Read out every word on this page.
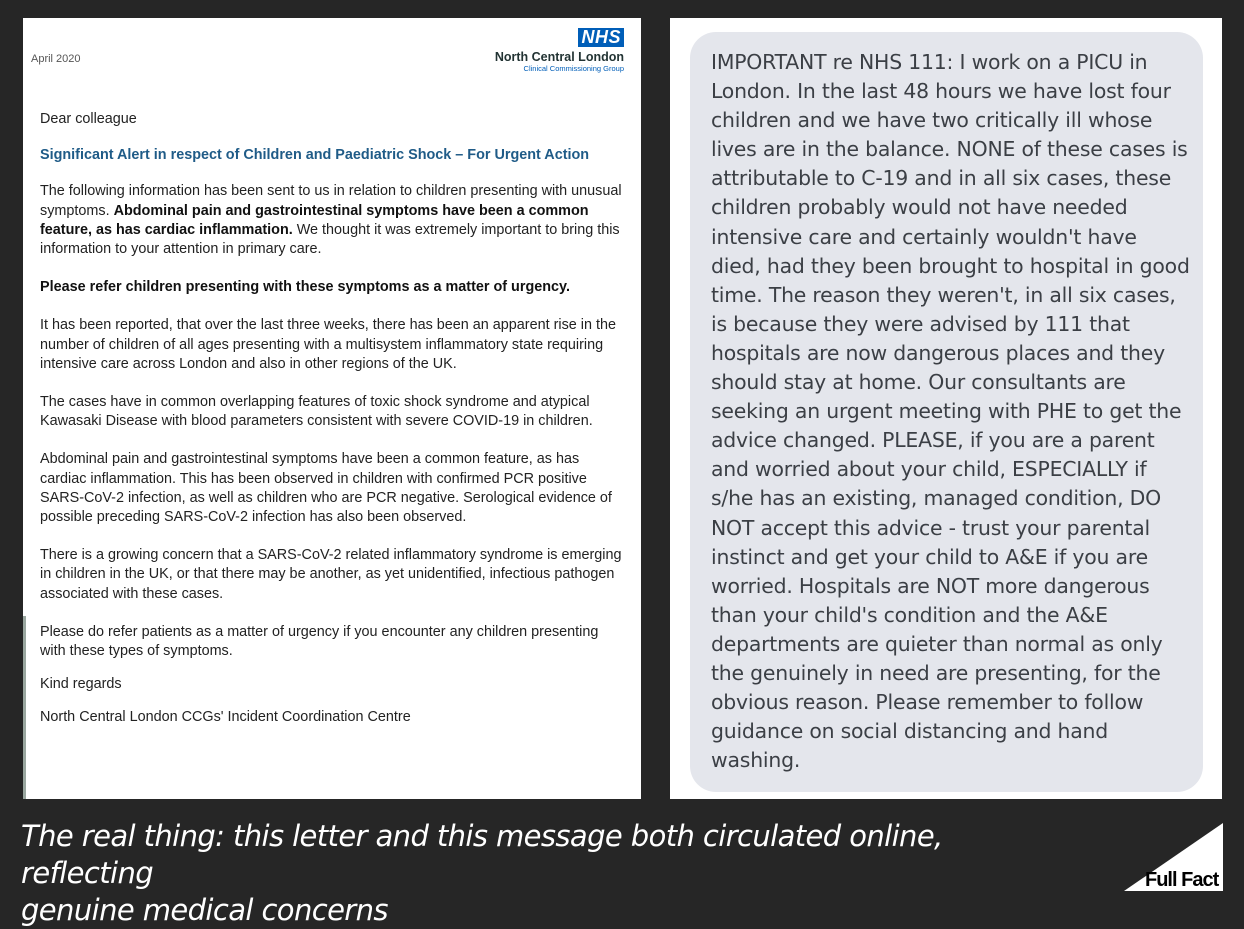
April 2020
NHS
North Central London
Clinical Commissioning Group

Dear colleague

Significant Alert in respect of Children and Paediatric Shock – For Urgent Action

The following information has been sent to us in relation to children presenting with unusual symptoms. Abdominal pain and gastrointestinal symptoms have been a common feature, as has cardiac inflammation. We thought it was extremely important to bring this information to your attention in primary care.

Please refer children presenting with these symptoms as a matter of urgency.

It has been reported, that over the last three weeks, there has been an apparent rise in the number of children of all ages presenting with a multisystem inflammatory state requiring intensive care across London and also in other regions of the UK.

The cases have in common overlapping features of toxic shock syndrome and atypical Kawasaki Disease with blood parameters consistent with severe COVID-19 in children.

Abdominal pain and gastrointestinal symptoms have been a common feature, as has cardiac inflammation. This has been observed in children with confirmed PCR positive SARS-CoV-2 infection, as well as children who are PCR negative. Serological evidence of possible preceding SARS-CoV-2 infection has also been observed.

There is a growing concern that a SARS-CoV-2 related inflammatory syndrome is emerging in children in the UK, or that there may be another, as yet unidentified, infectious pathogen associated with these cases.

Please do refer patients as a matter of urgency if you encounter any children presenting with these types of symptoms.

Kind regards

North Central London CCGs' Incident Coordination Centre

IMPORTANT re NHS 111: I work on a PICU in London. In the last 48 hours we have lost four children and we have two critically ill whose lives are in the balance. NONE of these cases is attributable to C-19 and in all six cases, these children probably would not have needed intensive care and certainly wouldn't have died, had they been brought to hospital in good time. The reason they weren't, in all six cases, is because they were advised by 111 that hospitals are now dangerous places and they should stay at home. Our consultants are seeking an urgent meeting with PHE to get the advice changed. PLEASE, if you are a parent and worried about your child, ESPECIALLY if s/he has an existing, managed condition, DO NOT accept this advice - trust your parental instinct and get your child to A&E if you are worried. Hospitals are NOT more dangerous than your child's condition and the A&E departments are quieter than normal as only the genuinely in need are presenting, for the obvious reason. Please remember to follow guidance on social distancing and hand washing.
The real thing: this letter and this message both circulated online, reflecting
genuine medical concerns
Full Fact
